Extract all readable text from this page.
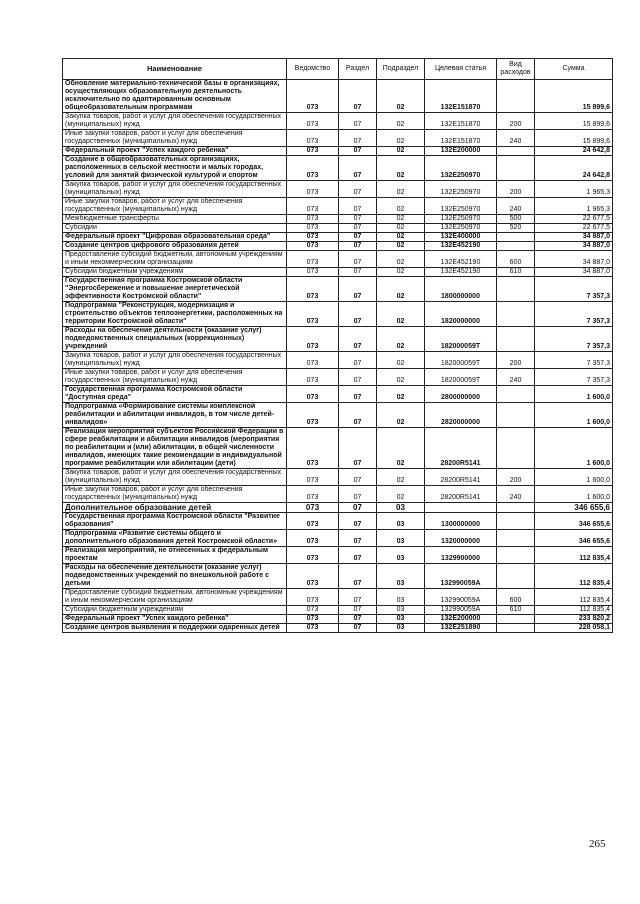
Наименование	Ведомство	Раздел	Подраздел	Целевая статья	Вид расходов	Сумма
Обновление материально-технической базы в организациях, осуществляющих образовательную деятельность исключительно по адаптированным основным общеобразовательным программам	073	07	02	132E151870		15 899,6
Закупка товаров, работ и услуг для обеспечения государственных (муниципальных) нужд	073	07	02	132E151870	200	15 899,6
Иные закупки товаров, работ и услуг для обеспечения государственных (муниципальных) нужд	073	07	02	132E151870	240	15 899,6
Федеральный проект "Успех каждого ребенка"	073	07	02	132E200000		24 642,8
Создание в общеобразовательных организациях, расположенных в сельской местности и малых городах, условий для занятий физической культурой и спортом	073	07	02	132E250970		24 642,8
Закупка товаров, работ и услуг для обеспечения государственных (муниципальных) нужд	073	07	02	132E250970	200	1 965,3
Иные закупки товаров, работ и услуг для обеспечения государственных (муниципальных) нужд	073	07	02	132E250970	240	1 965,3
Межбюджетные трансферты	073	07	02	132E250970	500	22 677,5
Субсидии	073	07	02	132E250970	520	22 677,5
Федеральный проект "Цифровая образовательная среда"	073	07	02	132E400000		34 887,0
Создание центров цифрового образования детей	073	07	02	132E452190		34 887,0
Предоставление субсидий бюджетным, автономным учреждениям и иным некоммерческим организациям	073	07	02	132E452190	600	34 887,0
Субсидии бюджетным учреждениям	073	07	02	132E452190	610	34 887,0
Государственная программа Костромской области "Энергосбережение и повышение энергетической эффективности Костромской области"	073	07	02	1800000000		7 357,3
Подпрограмма "Реконструкция, модернизация и строительство объектов теплоэнергетики, расположенных на территории Костромской области"	073	07	02	1820000000		7 357,3
Расходы на обеспечение деятельности (оказание услуг) подведомственных специальных (коррекционных) учреждений	073	07	02	182000059Т		7 357,3
Закупка товаров, работ и услуг для обеспечения государственных (муниципальных) нужд	073	07	02	182000059Т	200	7 357,3
Иные закупки товаров, работ и услуг для обеспечения государственных (муниципальных) нужд	073	07	02	182000059Т	240	7 357,3
Государственная программа Костромской области "Доступная среда"	073	07	02	2800000000		1 600,0
Подпрограмма «Формирование системы комплексной реабилитации и абилитации инвалидов, в том числе детей-инвалидов»	073	07	02	2820000000		1 600,0
Реализация мероприятий субъектов Российской Федерации в сфере реабилитации и абилитации инвалидов (мероприятия по реабилитации и (или) абилитации, в общей численности инвалидов, имеющих такие рекомендации в индивидуальной программе реабилитации или абилитации (дети)	073	07	02	28200R5141		1 600,0
Закупка товаров, работ и услуг для обеспечения государственных (муниципальных) нужд	073	07	02	28200R5141	200	1 600,0
Иные закупки товаров, работ и услуг для обеспечения государственных (муниципальных) нужд	073	07	02	28200R5141	240	1 600,0
Дополнительное образование детей	073	07	03			346 655,6
Государственная программа Костромской области "Развитие образования"	073	07	03	1300000000		346 655,6
Подпрограмма «Развитие системы общего и дополнительного образования детей Костромской области»	073	07	03	1320000000		346 655,6
Реализация мероприятий, не отнесенных к федеральным проектам	073	07	03	1329900000		112 835,4
Расходы на обеспечение деятельности (оказание услуг) подведомственных учреждений по внешкольной работе с детьми	073	07	03	132990059А		112 835,4
Предоставление субсидий бюджетным, автономным учреждениям и иным некоммерческим организациям	073	07	03	132990059А	600	112 835,4
Субсидии бюджетным учреждениям	073	07	03	132990059А	610	112 835,4
Федеральный проект "Успех каждого ребенка"	073	07	03	132E200000		233 820,2
Создание центров выявления и поддержки одаренных детей	073	07	03	132E251890		228 058,1
265
